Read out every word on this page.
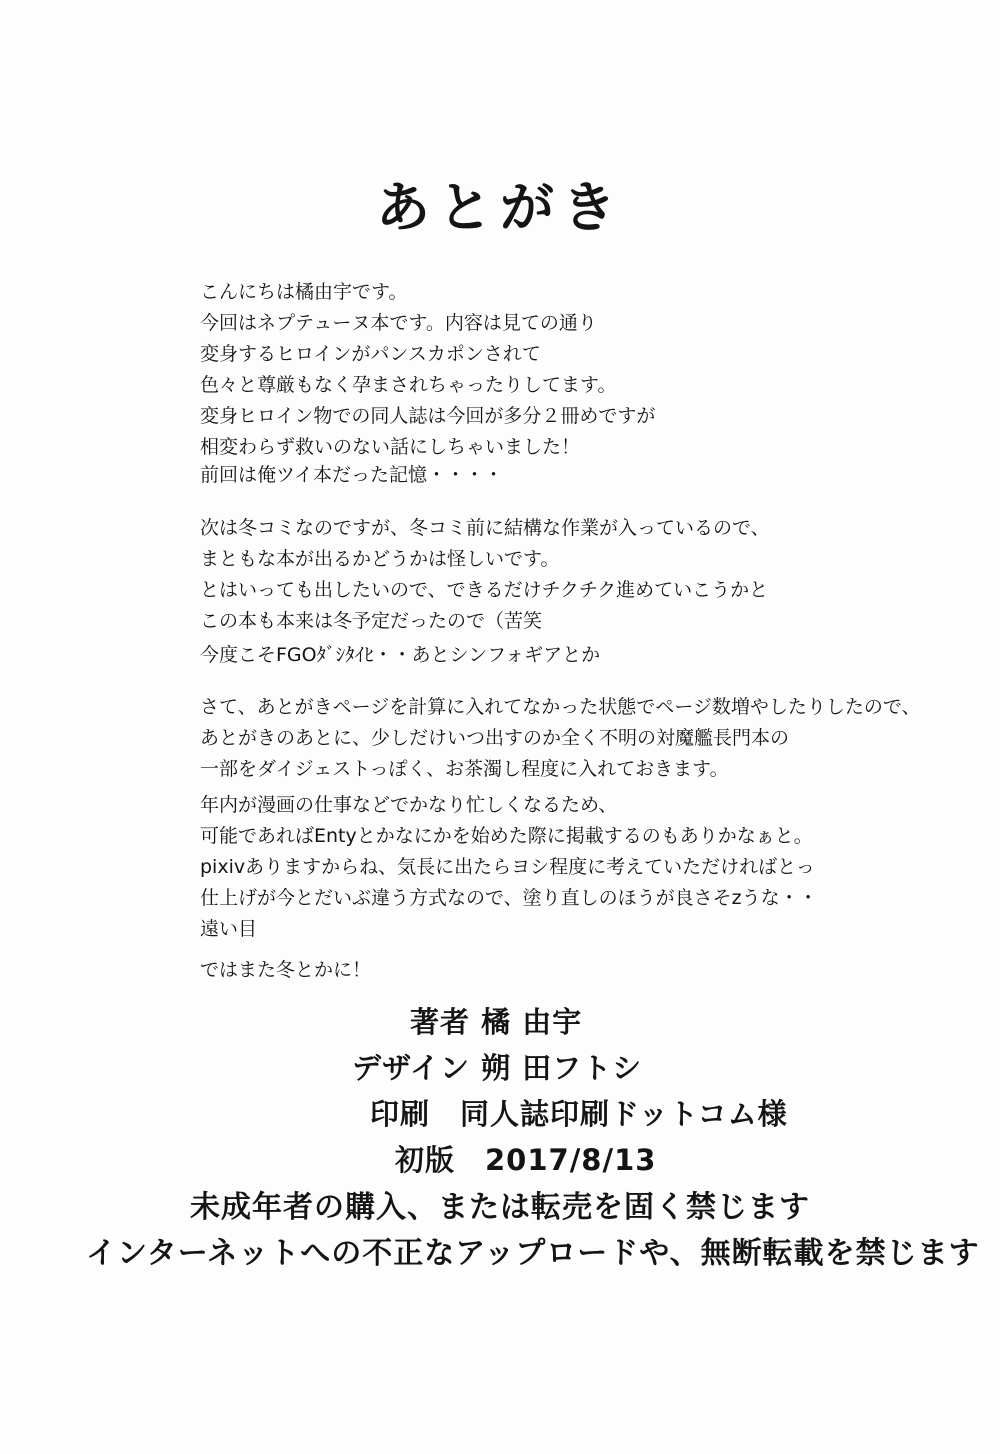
あとがき

こんにちは橘由宇です。

今回はネプテューヌ本です。内容は見ての通り

変身するヒロインがパンスカポンされて

色々と尊厳もなく孕まされちゃったりしてます。

変身ヒロイン物での同人誌は今回が多分２冊めですが

相変わらず救いのない話にしちゃいました！

前回は俺ツイ本だった記憶・・・・

次は冬コミなのですが、冬コミ前に結構な作業が入っているので、

まともな本が出るかどうかは怪しいです。

とはいっても出したいので、できるだけチクチク進めていこうかと

この本も本来は冬予定だったので（苦笑

今度こそFGOﾀﾞｼﾀｲﾋ・・あとシンフォギアとか

さて、あとがきページを計算に入れてなかった状態でページ数増やしたりしたので、

あとがきのあとに、少しだけいつ出すのか全く不明の対魔艦長門本の

一部をダイジェストっぽく、お茶濁し程度に入れておきます。

年内が漫画の仕事などでかなり忙しくなるため、

可能であればEntyとかなにかを始めた際に掲載するのもありかなぁと。

pixivありますからね、気長に出たらヨシ程度に考えていただければとっ

仕上げが今とだいぶ違う方式なので、塗り直しのほうが良さそzうな・・

遠い目

ではまた冬とかに！

著者 橘 由宇
デザイン 朔 田フトシ
印刷　同人誌印刷ドットコム様
初版　2017/8/13
未成年者の購入、または転売を固く禁じます
インターネットへの不正なアップロードや、無断転載を禁じます
